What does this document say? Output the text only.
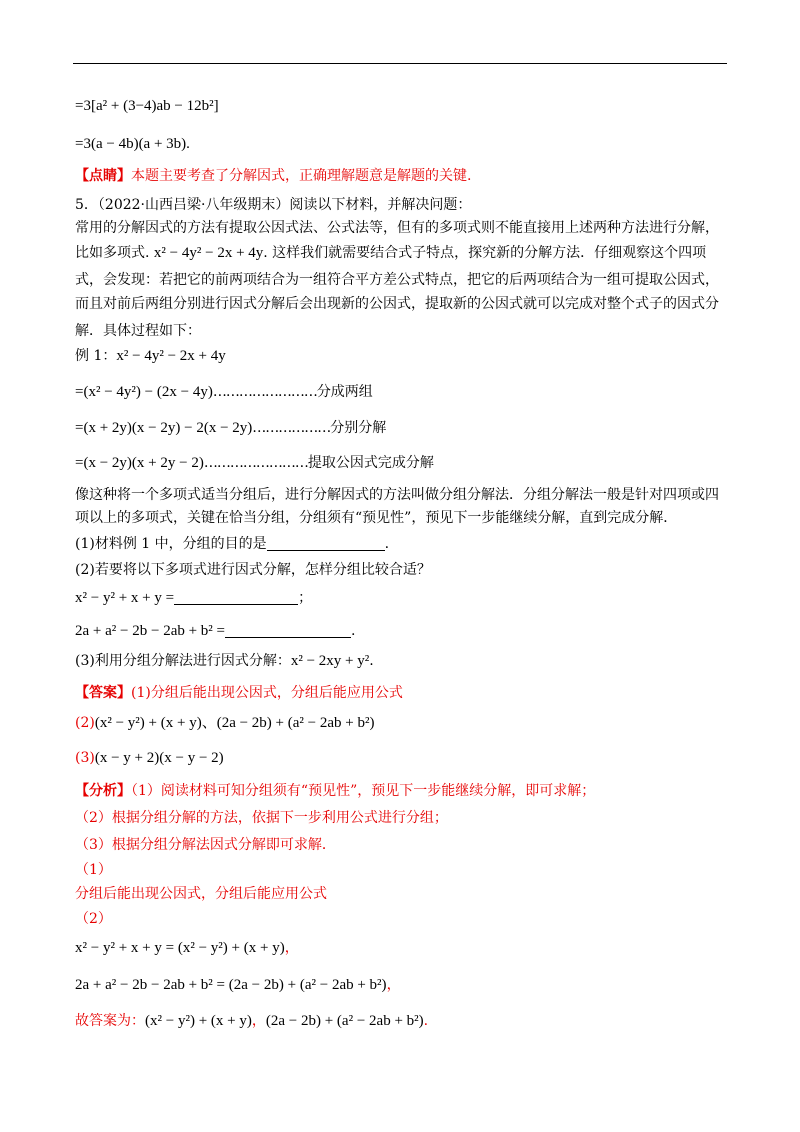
=3[a² + (3−4)ab − 12b²]
=3(a − 4b)(a + 3b).
【点睛】本题主要考查了分解因式，正确理解题意是解题的关键.
5．（2022·山西吕梁·八年级期末）阅读以下材料，并解决问题：
常用的分解因式的方法有提取公因式法、公式法等，但有的多项式则不能直接用上述两种方法进行分解，
比如多项式. x² − 4y² − 2x + 4y. 这样我们就需要结合式子特点，探究新的分解方法．仔细观察这个四项
式，会发现：若把它的前两项结合为一组符合平方差公式特点，把它的后两项结合为一组可提取公因式，
而且对前后两组分别进行因式分解后会出现新的公因式，提取新的公因式就可以完成对整个式子的因式分
解．具体过程如下：
例 1：x² − 4y² − 2x + 4y
=(x² − 4y²) − (2x − 4y)……………………分成两组
=(x + 2y)(x − 2y) − 2(x − 2y)………………分别分解
=(x − 2y)(x + 2y − 2)……………………提取公因式完成分解
像这种将一个多项式适当分组后，进行分解因式的方法叫做分组分解法．分组分解法一般是针对四项或四
项以上的多项式，关键在恰当分组，分组须有“预见性”，预见下一步能继续分解，直到完成分解．
(1)材料例 1 中，分组的目的是	.
(2)若要将以下多项式进行因式分解，怎样分组比较合适？
x² − y² + x + y =	；
2a + a² − 2b − 2ab + b² =	.
(3)利用分组分解法进行因式分解：x² − 2xy + y².
【答案】(1)分组后能出现公因式，分组后能应用公式
(2)(x² − y²) + (x + y)、(2a − 2b) + (a² − 2ab + b²)
(3)(x − y + 2)(x − y − 2)
【分析】（1）阅读材料可知分组须有“预见性”，预见下一步能继续分解，即可求解；
（2）根据分组分解的方法，依据下一步利用公式进行分组；
（3）根据分组分解法因式分解即可求解．
（1）
分组后能出现公因式，分组后能应用公式
（2）
x² − y² + x + y = (x² − y²) + (x + y)，
2a + a² − 2b − 2ab + b² = (2a − 2b) + (a² − 2ab + b²)，
故答案为：(x² − y²) + (x + y)，(2a − 2b) + (a² − 2ab + b²).
